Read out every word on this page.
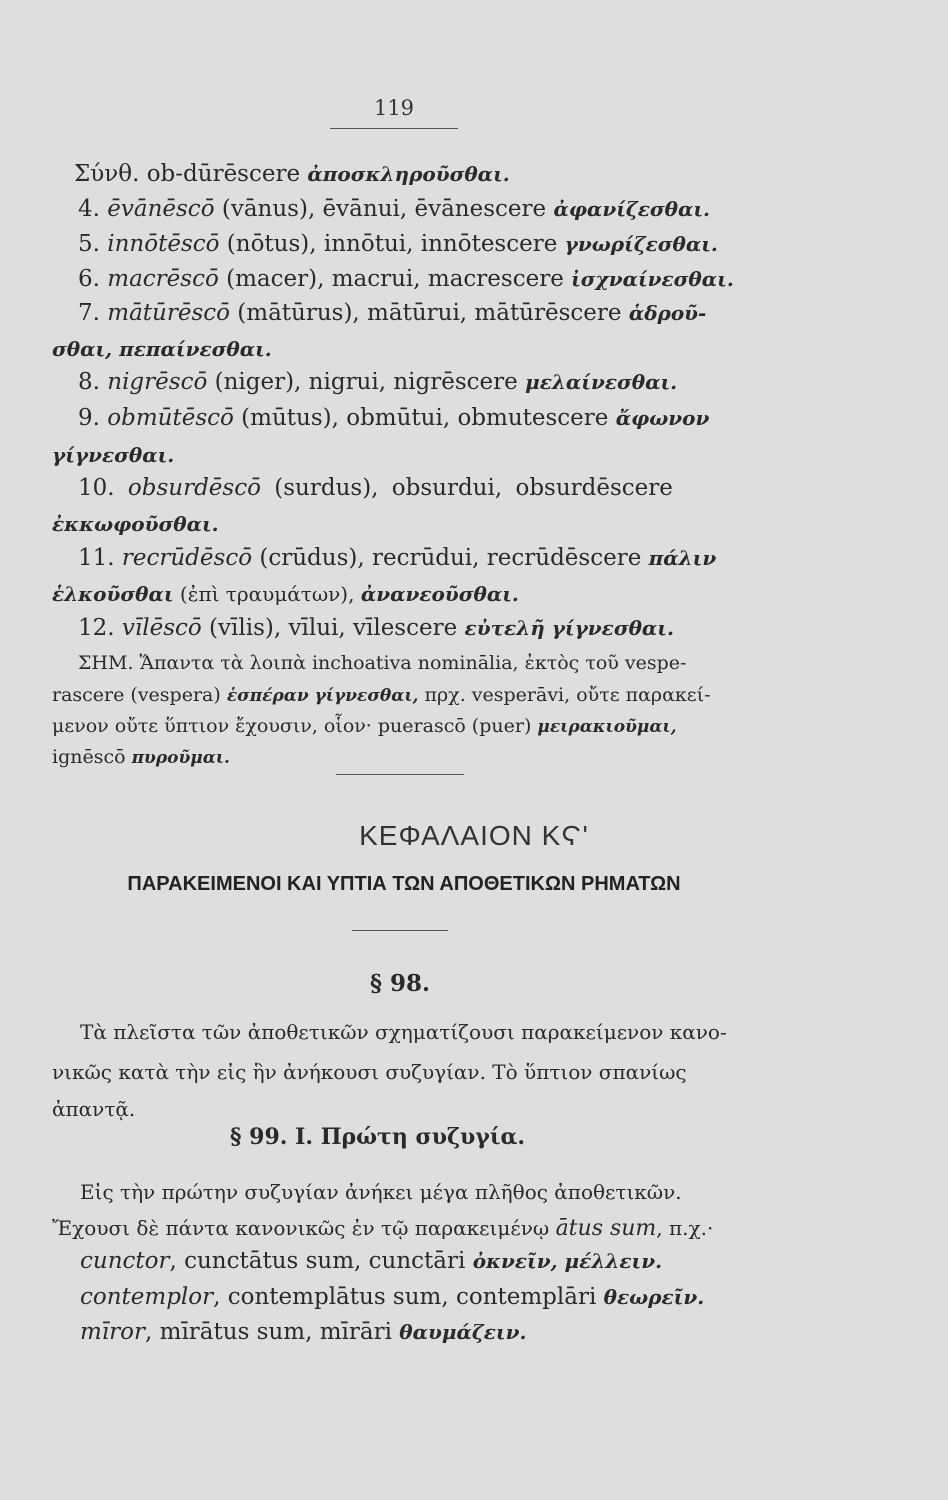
119
Σύνθ. ob-dūrēscere ἀποσκληροῦσθαι.
4. ēvānēscō (vānus), ēvānui, ēvānescere ἀφανίζεσθαι.
5. innōtēscō (nōtus), innōtui, innōtescere γνωρίζεσθαι.
6. macrēscō (macer), macrui, macrescere ἰσχναίνεσθαι.
7. mātūrēscō (mātūrus), mātūrui, mātūrēscere ἁδροῦ-
σθαι, πεπαίνεσθαι.
8. nigrēscō (niger), nigrui, nigrēscere μελαίνεσθαι.
9. obmūtēscō (mūtus), obmūtui, obmutescere ἄφωνον
γίγνεσθαι.
10. obsurdēscō (surdus), obsurdui, obsurdēscere
ἐκκωφοῦσθαι.
11. recrūdēscō (crūdus), recrūdui, recrūdēscere πάλιν
ἑλκοῦσθαι (ἐπὶ τραυμάτων), ἀνανεοῦσθαι.
12. vīlēscō (vīlis), vīlui, vīlescere εὐτελῆ γίγνεσθαι.
ΣΗΜ. Ἅπαντα τὰ λοιπὰ inchoativa nominālia, ἐκτὸς τοῦ vespe-
rascere (vespera) ἑσπέραν γίγνεσθαι, πρχ. vesperāvi, οὔτε παρακεί-
μενον οὔτε ὕπτιον ἔχουσιν, οἷον· puerascō (puer) μειρακιοῦμαι,
ignēscō πυροῦμαι.
ΚΕΦΑΛΑΙΟΝ ΚϚ'
ΠΑΡΑΚΕΙΜΕΝΟΙ ΚΑΙ ΥΠΤΙΑ ΤΩΝ ΑΠΟΘΕΤΙΚΩΝ ΡΗΜΑΤΩΝ
§ 98.
Τὰ πλεῖστα τῶν ἀποθετικῶν σχηματίζουσι παρακείμενον κανο-
νικῶς κατὰ τὴν εἰς ἣν ἀνήκουσι συζυγίαν. Τὸ ὕπτιον σπανίως
ἀπαντᾷ.
§ 99. I. Πρώτη συζυγία.
Εἰς τὴν πρώτην συζυγίαν ἀνήκει μέγα πλῆθος ἀποθετικῶν.
Ἔχουσι δὲ πάντα κανονικῶς ἐν τῷ παρακειμένῳ ātus sum, π.χ.·
cunctor, cunctātus sum, cunctāri ὀκνεῖν, μέλλειν.
contemplor, contemplātus sum, contemplāri θεωρεῖν.
mīror, mīrātus sum, mīrāri θαυμάζειν.
